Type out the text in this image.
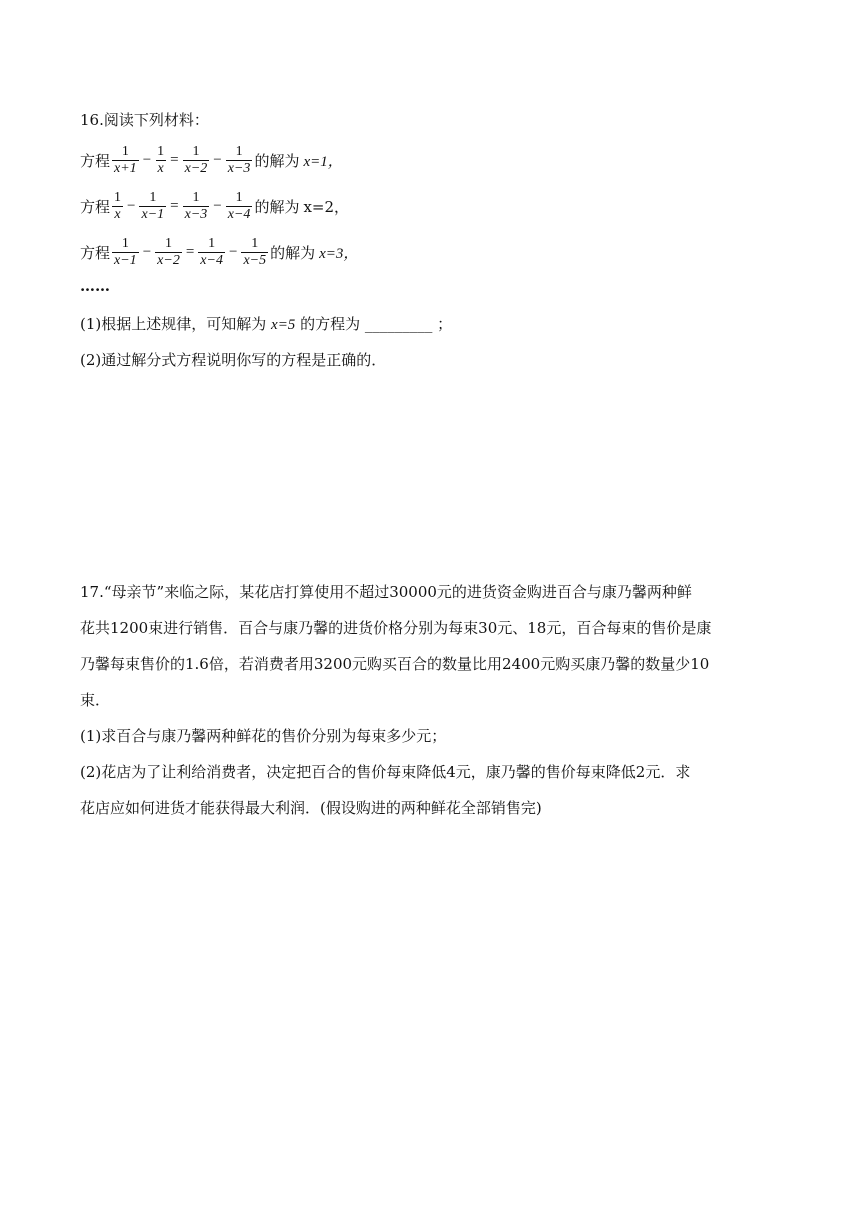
16.阅读下列材料：
方程 $\frac{1}{x+1} - \frac{1}{x} = \frac{1}{x-2} - \frac{1}{x-3}$ 的解为 x=1，
方程 $\frac{1}{x} - \frac{1}{x-1} = \frac{1}{x-3} - \frac{1}{x-4}$ 的解为 x=2，
方程 $\frac{1}{x-1} - \frac{1}{x-2} = \frac{1}{x-4} - \frac{1}{x-5}$ 的解为 x=3，
……
(1)根据上述规律，可知解为 x=5 的方程为 _________ ；
(2)通过解分式方程说明你写的方程是正确的．
17.“母亲节”来临之际，某花店打算使用不超过30000元的进货资金购进百合与康乃馨两种鲜
花共1200束进行销售．百合与康乃馨的进货价格分别为每束30元、18元，百合每束的售价是康
乃馨每束售价的1.6倍，若消费者用3200元购买百合的数量比用2400元购买康乃馨的数量少10
束．
(1)求百合与康乃馨两种鲜花的售价分别为每束多少元；
(2)花店为了让利给消费者，决定把百合的售价每束降低4元，康乃馨的售价每束降低2元．求
花店应如何进货才能获得最大利润．(假设购进的两种鲜花全部销售完)
